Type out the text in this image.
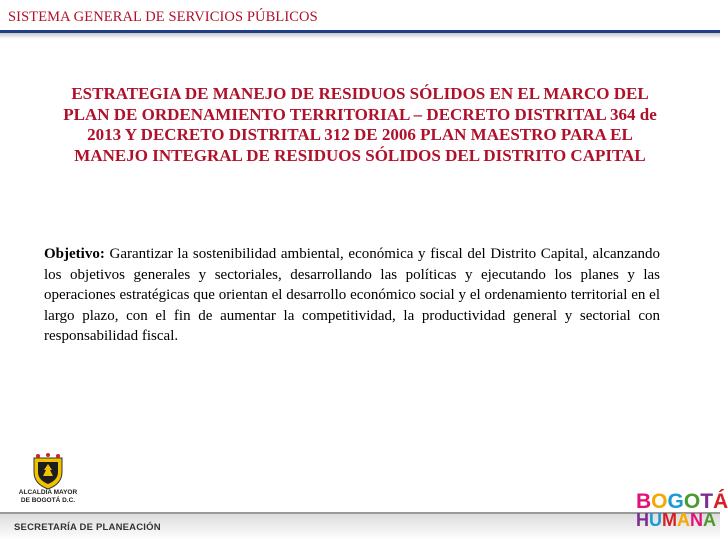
SISTEMA GENERAL DE SERVICIOS PÚBLICOS
ESTRATEGIA DE MANEJO DE RESIDUOS SÓLIDOS EN EL MARCO DEL PLAN DE ORDENAMIENTO TERRITORIAL – DECRETO DISTRITAL 364 de 2013 Y DECRETO DISTRITAL 312 DE 2006 PLAN MAESTRO PARA EL MANEJO INTEGRAL DE RESIDUOS SÓLIDOS DEL DISTRITO CAPITAL
Objetivo: Garantizar la sostenibilidad ambiental, económica y fiscal del Distrito Capital, alcanzando los objetivos generales y sectoriales, desarrollando las políticas y ejecutando los planes y las operaciones estratégicas que orientan el desarrollo económico social y el ordenamiento territorial en el largo plazo, con el fin de aumentar la competitividad, la productividad general y sectorial con responsabilidad fiscal.
ALCALDÍA MAYOR
DE BOGOTÁ D.C.
SECRETARÍA DE PLANEACIÓN
BOGOTÁ
HUMANA
